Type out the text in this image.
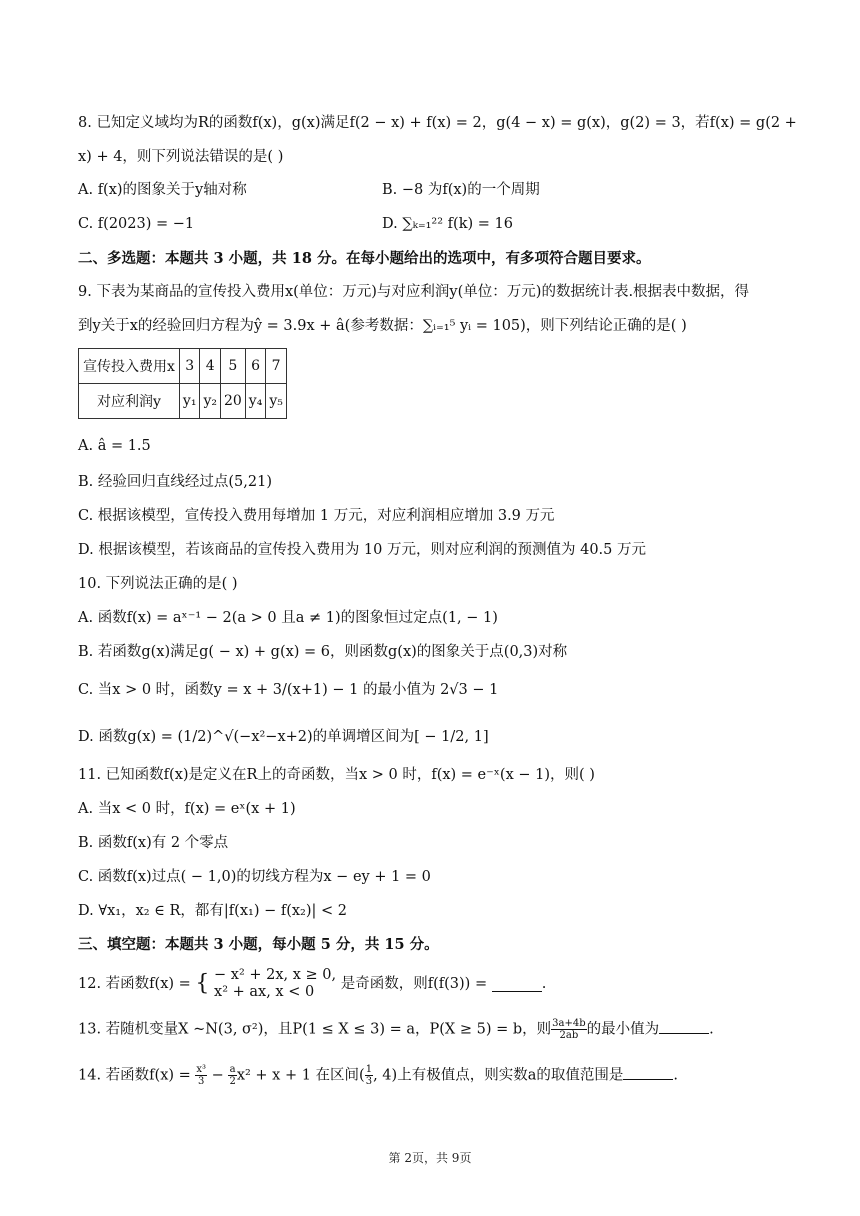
8. 已知定义域均为R的函数f(x)，g(x)满足f(2 − x) + f(x) = 2，g(4 − x) = g(x)，g(2) = 3，若f(x) = g(2 +
x) + 4，则下列说法错误的是( )
A. f(x)的图象关于y轴对称	B. −8 为f(x)的一个周期
C. f(2023) = −1	D. ∑ₖ₌₁²² f(k) = 16
二、多选题：本题共 3 小题，共 18 分。在每小题给出的选项中，有多项符合题目要求。
9. 下表为某商品的宣传投入费用x(单位：万元)与对应利润y(单位：万元)的数据统计表.根据表中数据，得
到y关于x的经验回归方程为ŷ = 3.9x + â(参考数据：∑ᵢ₌₁⁵ yᵢ = 105)，则下列结论正确的是( )
宣传投入费用x	3	4	5	6	7
对应利润y	y₁	y₂	20	y₄	y₅
A. â = 1.5
B. 经验回归直线经过点(5,21)
C. 根据该模型，宣传投入费用每增加 1 万元，对应利润相应增加 3.9 万元
D. 根据该模型，若该商品的宣传投入费用为 10 万元，则对应利润的预测值为 40.5 万元
10. 下列说法正确的是( )
A. 函数f(x) = aˣ⁻¹ − 2(a > 0 且a ≠ 1)的图象恒过定点(1, − 1)
B. 若函数g(x)满足g( − x) + g(x) = 6，则函数g(x)的图象关于点(0,3)对称
C. 当x > 0 时，函数y = x + 3/(x+1) − 1 的最小值为 2√3 − 1
D. 函数g(x) = (1/2)^√(−x²−x+2)的单调增区间为[ − 1/2, 1]
11. 已知函数f(x)是定义在R上的奇函数，当x > 0 时，f(x) = e⁻ˣ(x − 1)，则( )
A. 当x < 0 时，f(x) = eˣ(x + 1)
B. 函数f(x)有 2 个零点
C. 函数f(x)过点( − 1,0)的切线方程为x − ey + 1 = 0
D. ∀x₁，x₂ ∈ R，都有|f(x₁) − f(x₂)| < 2
三、填空题：本题共 3 小题，每小题 5 分，共 15 分。
12. 若函数f(x) = { − x² + 2x, x ≥ 0,
x² + ax, x < 0	是奇函数，则f(f(3)) =	.
13. 若随机变量X ~N(3, σ²)，且P(1 ≤ X ≤ 3) = a，P(X ≥ 5) = b，则 $\frac{3a+4b}{2ab}$ 的最小值为	.
14. 若函数$f(x) = \frac{\text{x³}}{3} - \frac{a}{2} x^2 + x + 1$ 在区间( $\frac{1}{3}$ , 4)上有极值点，则实数a的取值范围是	.
第 2页，共 9页
